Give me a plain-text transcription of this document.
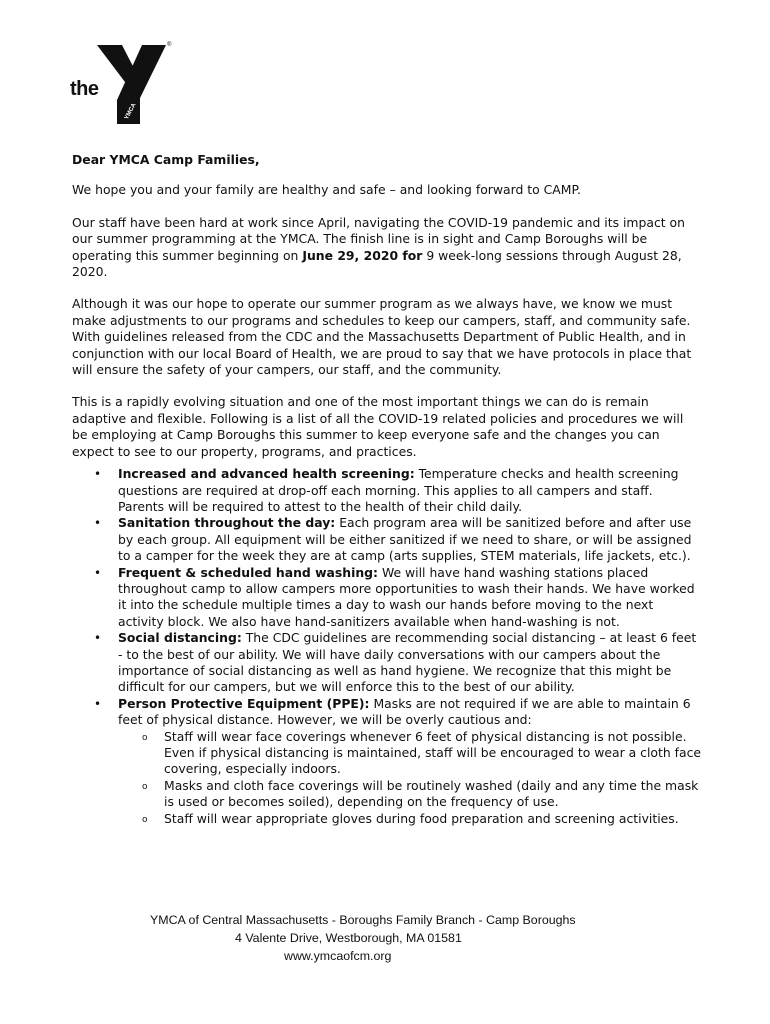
the
®
YMCA

Dear YMCA Camp Families,

We hope you and your family are healthy and safe – and looking forward to CAMP.

Our staff have been hard at work since April, navigating the COVID-19 pandemic and its impact on our summer programming at the YMCA. The finish line is in sight and Camp Boroughs will be operating this summer beginning on June 29, 2020 for 9 week-long sessions through August 28, 2020.

Although it was our hope to operate our summer program as we always have, we know we must make adjustments to our programs and schedules to keep our campers, staff, and community safe. With guidelines released from the CDC and the Massachusetts Department of Public Health, and in conjunction with our local Board of Health, we are proud to say that we have protocols in place that will ensure the safety of your campers, our staff, and the community.

This is a rapidly evolving situation and one of the most important things we can do is remain adaptive and flexible. Following is a list of all the COVID-19 related policies and procedures we will be employing at Camp Boroughs this summer to keep everyone safe and the changes you can expect to see to our property, programs, and practices.

• Increased and advanced health screening: Temperature checks and health screening questions are required at drop-off each morning. This applies to all campers and staff. Parents will be required to attest to the health of their child daily.
• Sanitation throughout the day: Each program area will be sanitized before and after use by each group. All equipment will be either sanitized if we need to share, or will be assigned to a camper for the week they are at camp (arts supplies, STEM materials, life jackets, etc.).
• Frequent & scheduled hand washing: We will have hand washing stations placed throughout camp to allow campers more opportunities to wash their hands. We have worked it into the schedule multiple times a day to wash our hands before moving to the next activity block. We also have hand-sanitizers available when hand-washing is not.
• Social distancing: The CDC guidelines are recommending social distancing – at least 6 feet - to the best of our ability. We will have daily conversations with our campers about the importance of social distancing as well as hand hygiene. We recognize that this might be difficult for our campers, but we will enforce this to the best of our ability.
• Person Protective Equipment (PPE): Masks are not required if we are able to maintain 6 feet of physical distance. However, we will be overly cautious and:
o Staff will wear face coverings whenever 6 feet of physical distancing is not possible. Even if physical distancing is maintained, staff will be encouraged to wear a cloth face covering, especially indoors.
o Masks and cloth face coverings will be routinely washed (daily and any time the mask is used or becomes soiled), depending on the frequency of use.
o Staff will wear appropriate gloves during food preparation and screening activities.
YMCA of Central Massachusetts - Boroughs Family Branch - Camp Boroughs
4 Valente Drive, Westborough, MA 01581
www.ymcaofcm.org
